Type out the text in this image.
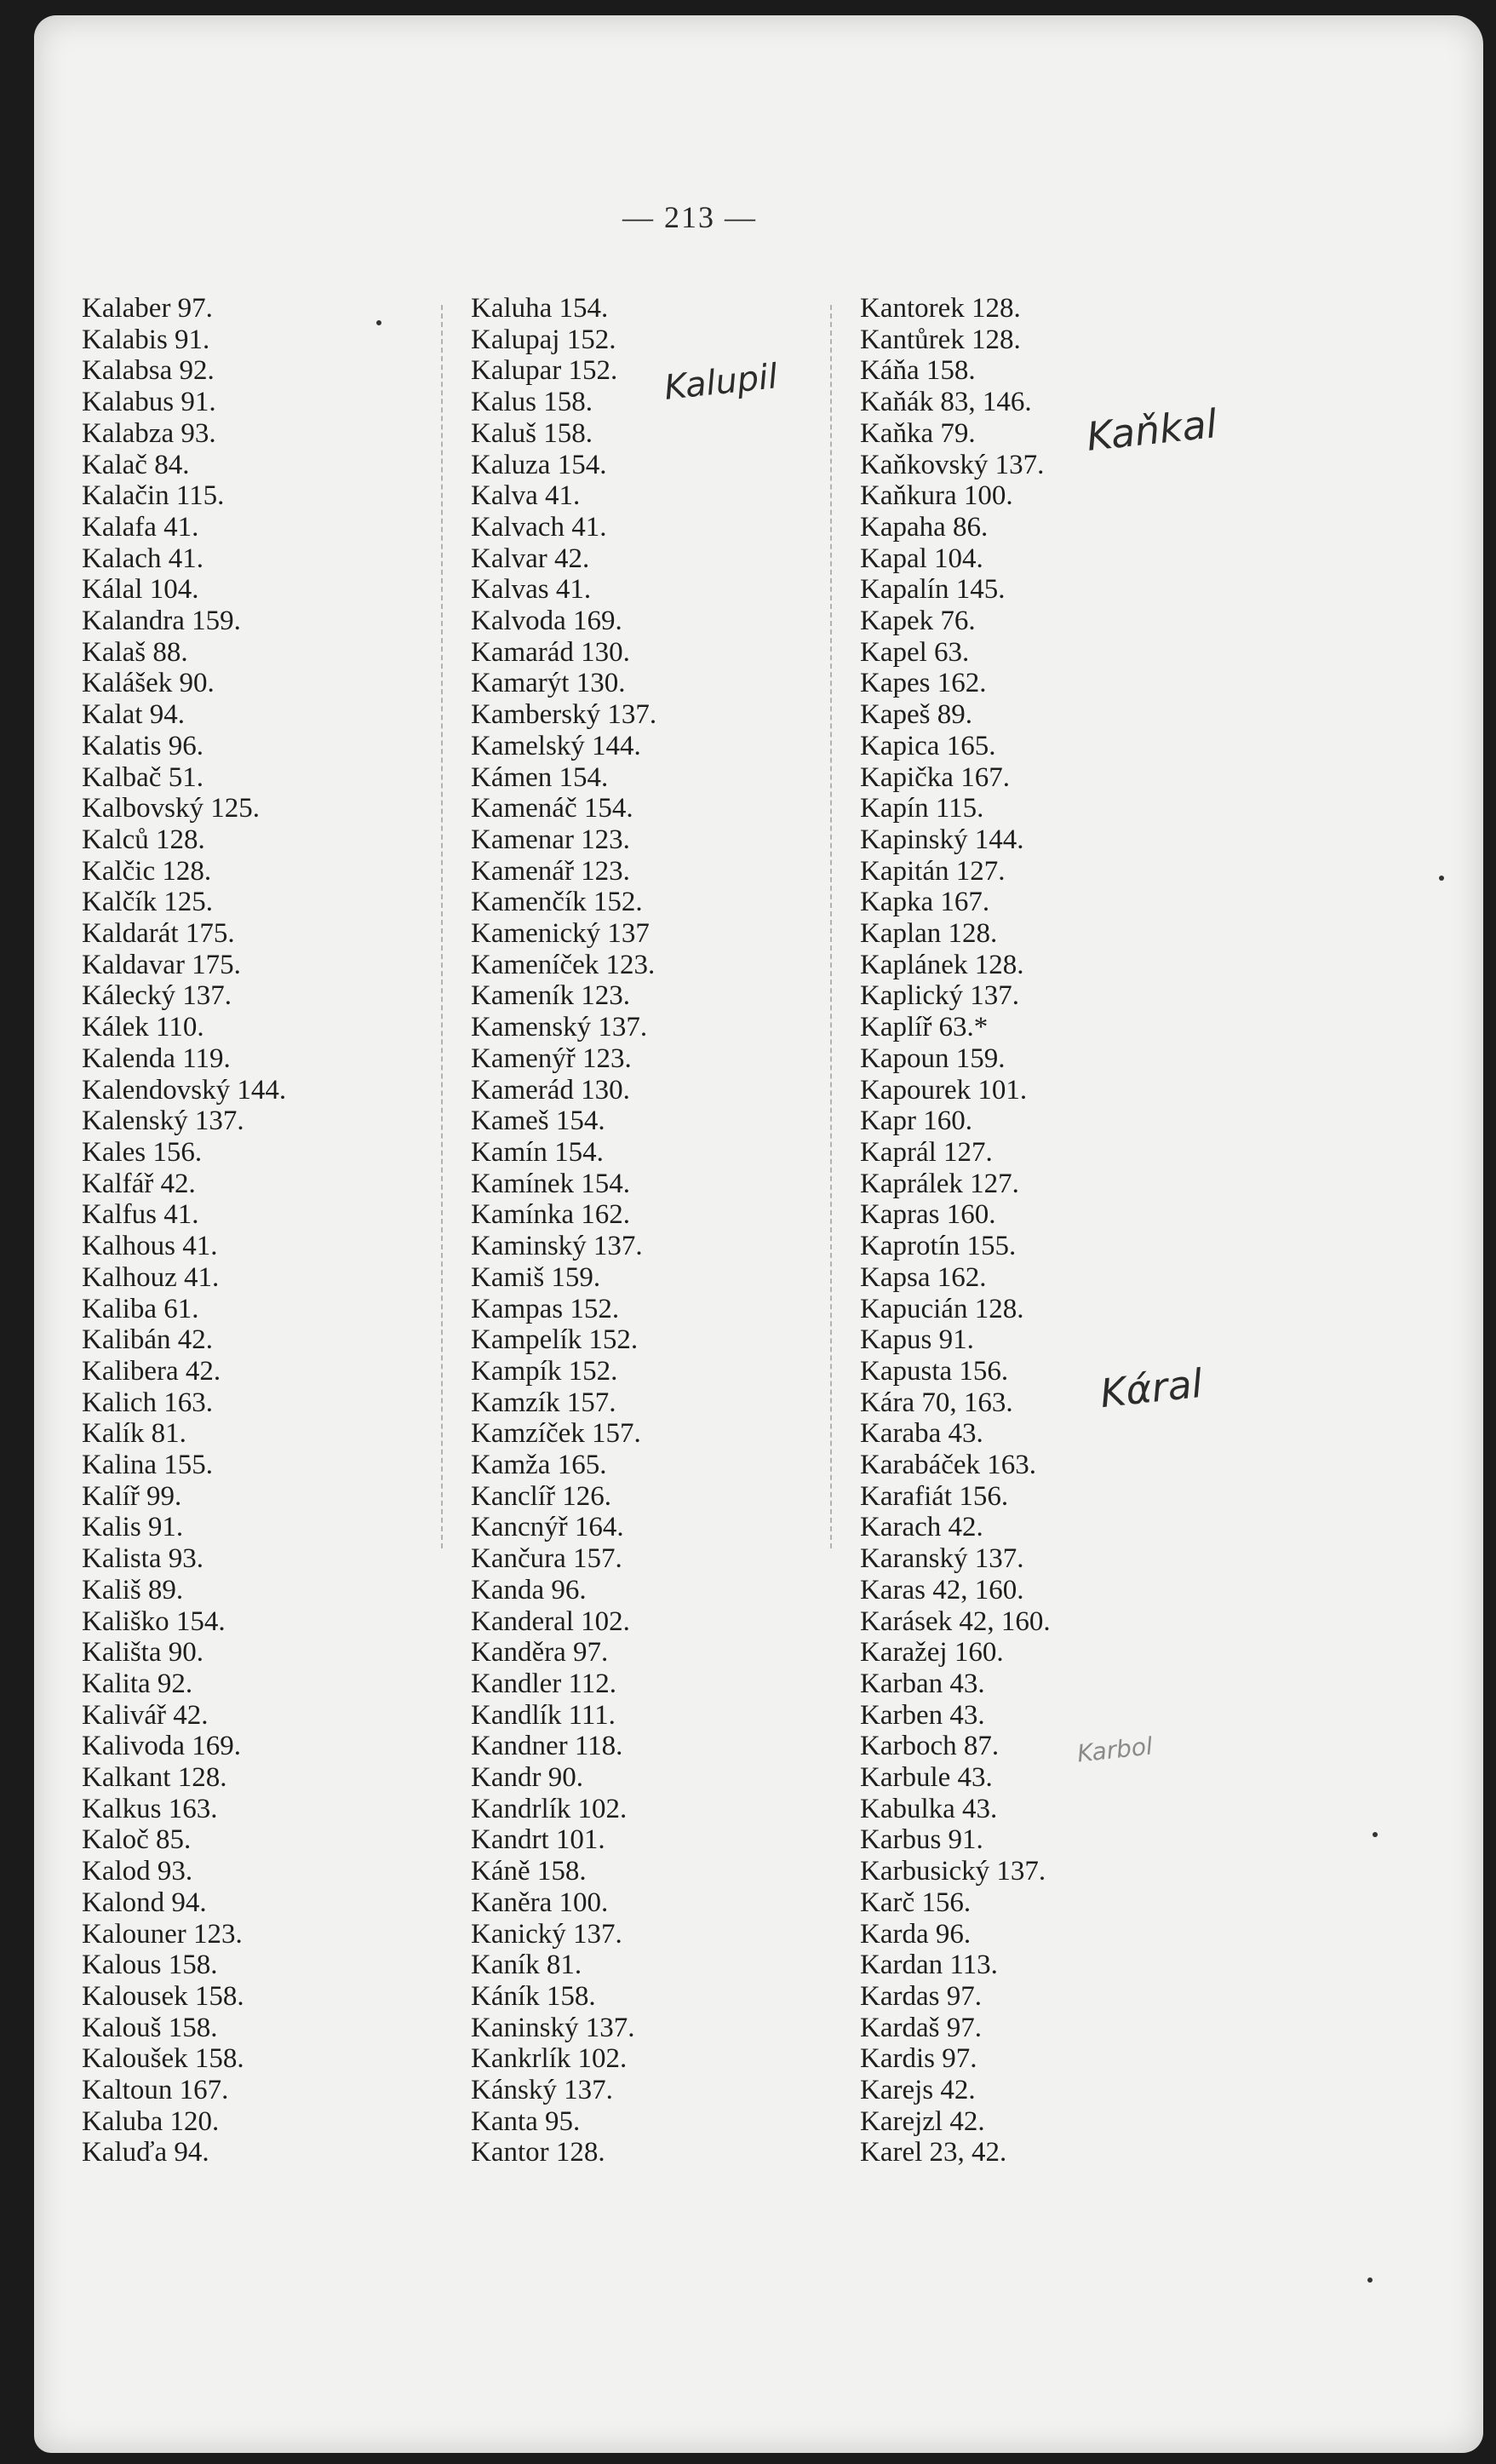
— 213 —
Kalaber 97.
Kalabis 91.
Kalabsa 92.
Kalabus 91.
Kalabza 93.
Kalač 84.
Kalačin 115.
Kalafa 41.
Kalach 41.
Kálal 104.
Kalandra 159.
Kalaš 88.
Kalášek 90.
Kalat 94.
Kalatis 96.
Kalbač 51.
Kalbovský 125.
Kalců 128.
Kalčic 128.
Kalčík 125.
Kaldarát 175.
Kaldavar 175.
Kálecký 137.
Kálek 110.
Kalenda 119.
Kalendovský 144.
Kalenský 137.
Kales 156.
Kalfář 42.
Kalfus 41.
Kalhous 41.
Kalhouz 41.
Kaliba 61.
Kalibán 42.
Kalibera 42.
Kalich 163.
Kalík 81.
Kalina 155.
Kalíř 99.
Kalis 91.
Kalista 93.
Kališ 89.
Kališko 154.
Kališta 90.
Kalita 92.
Kalivář 42.
Kalivoda 169.
Kalkant 128.
Kalkus 163.
Kaloč 85.
Kalod 93.
Kalond 94.
Kalouner 123.
Kalous 158.
Kalousek 158.
Kalouš 158.
Kaloušek 158.
Kaltoun 167.
Kaluba 120.
Kaluďa 94.
Kaluha 154.
Kalupaj 152.
Kalupar 152.
Kalus 158.
Kaluš 158.
Kaluza 154.
Kalva 41.
Kalvach 41.
Kalvar 42.
Kalvas 41.
Kalvoda 169.
Kamarád 130.
Kamarýt 130.
Kamberský 137.
Kamelský 144.
Kámen 154.
Kamenáč 154.
Kamenar 123.
Kamenář 123.
Kamenčík 152.
Kamenický 137
Kameníček 123.
Kameník 123.
Kamenský 137.
Kamenýř 123.
Kamerád 130.
Kameš 154.
Kamín 154.
Kamínek 154.
Kamínka 162.
Kaminský 137.
Kamiš 159.
Kampas 152.
Kampelík 152.
Kampík 152.
Kamzík 157.
Kamzíček 157.
Kamža 165.
Kanclíř 126.
Kancnýř 164.
Kančura 157.
Kanda 96.
Kanderal 102.
Kanděra 97.
Kandler 112.
Kandlík 111.
Kandner 118.
Kandr 90.
Kandrlík 102.
Kandrt 101.
Káně 158.
Kaněra 100.
Kanický 137.
Kaník 81.
Káník 158.
Kaninský 137.
Kankrlík 102.
Kánský 137.
Kanta 95.
Kantor 128.
Kantorek 128.
Kantůrek 128.
Káňa 158.
Kaňák 83, 146.
Kaňka 79.
Kaňkovský 137.
Kaňkura 100.
Kapaha 86.
Kapal 104.
Kapalín 145.
Kapek 76.
Kapel 63.
Kapes 162.
Kapeš 89.
Kapica 165.
Kapička 167.
Kapín 115.
Kapinský 144.
Kapitán 127.
Kapka 167.
Kaplan 128.
Kaplánek 128.
Kaplický 137.
Kaplíř 63.*
Kapoun 159.
Kapourek 101.
Kapr 160.
Kaprál 127.
Kaprálek 127.
Kapras 160.
Kaprotín 155.
Kapsa 162.
Kapucián 128.
Kapus 91.
Kapusta 156.
Kára 70, 163.
Karaba 43.
Karabáček 163.
Karafiát 156.
Karach 42.
Karanský 137.
Karas 42, 160.
Karásek 42, 160.
Karažej 160.
Karban 43.
Karben 43.
Karboch 87.
Karbule 43.
Kabulka 43.
Karbus 91.
Karbusický 137.
Karč 156.
Karda 96.
Kardan 113.
Kardas 97.
Kardaš 97.
Kardis 97.
Karejs 42.
Karejzl 42.
Karel 23, 42.
Kalupil
Kaňkal
Kάral
Karbol
